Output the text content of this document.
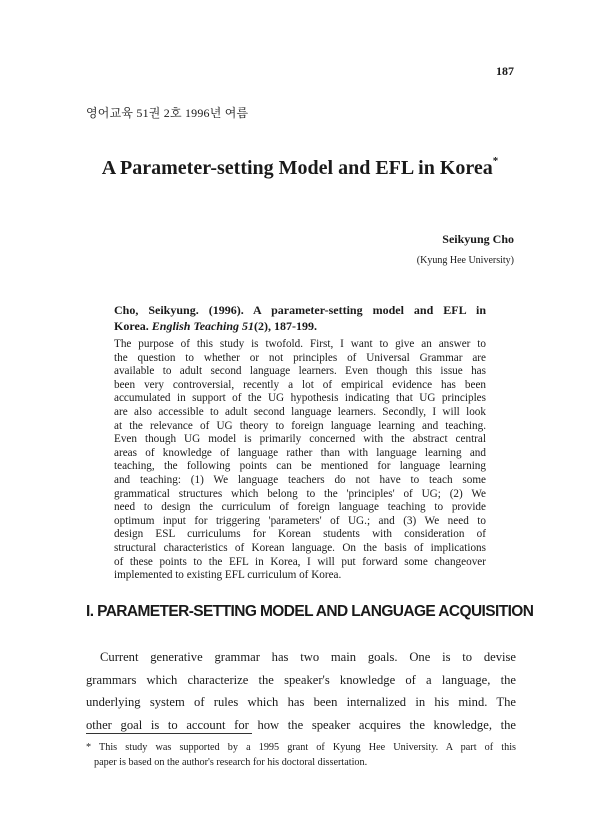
187
영어교육 51권 2호 1996년 여름
A Parameter-setting Model and EFL in Korea*
Seikyung Cho
(Kyung Hee University)
Cho, Seikyung. (1996). A parameter-setting model and EFL in
Korea. English Teaching 51(2), 187-199.
The purpose of this study is twofold. First, I want to give an answer to
the question to whether or not principles of Universal Grammar are
available to adult second language learners. Even though this issue has
been very controversial, recently a lot of empirical evidence has been
accumulated in support of the UG hypothesis indicating that UG principles
are also accessible to adult second language learners. Secondly, I will look
at the relevance of UG theory to foreign language learning and teaching.
Even though UG model is primarily concerned with the abstract central
areas of knowledge of language rather than with language learning and
teaching, the following points can be mentioned for language learning
and teaching: (1) We language teachers do not have to teach some
grammatical structures which belong to the 'principles' of UG; (2) We
need to design the curriculum of foreign language teaching to provide
optimum input for triggering 'parameters' of UG.; and (3) We need to
design ESL curriculums for Korean students with consideration of
structural characteristics of Korean language. On the basis of implications
of these points to the EFL in Korea, I will put forward some changeover
implemented to existing EFL curriculum of Korea.
I. PARAMETER-SETTING MODEL AND LANGUAGE ACQUISITION
Current generative grammar has two main goals. One is to devise
grammars which characterize the speaker's knowledge of a language, the
underlying system of rules which has been internalized in his mind. The
other goal is to account for how the speaker acquires the knowledge, the
* This study was supported by a 1995 grant of Kyung Hee University. A part of this
paper is based on the author's research for his doctoral dissertation.
